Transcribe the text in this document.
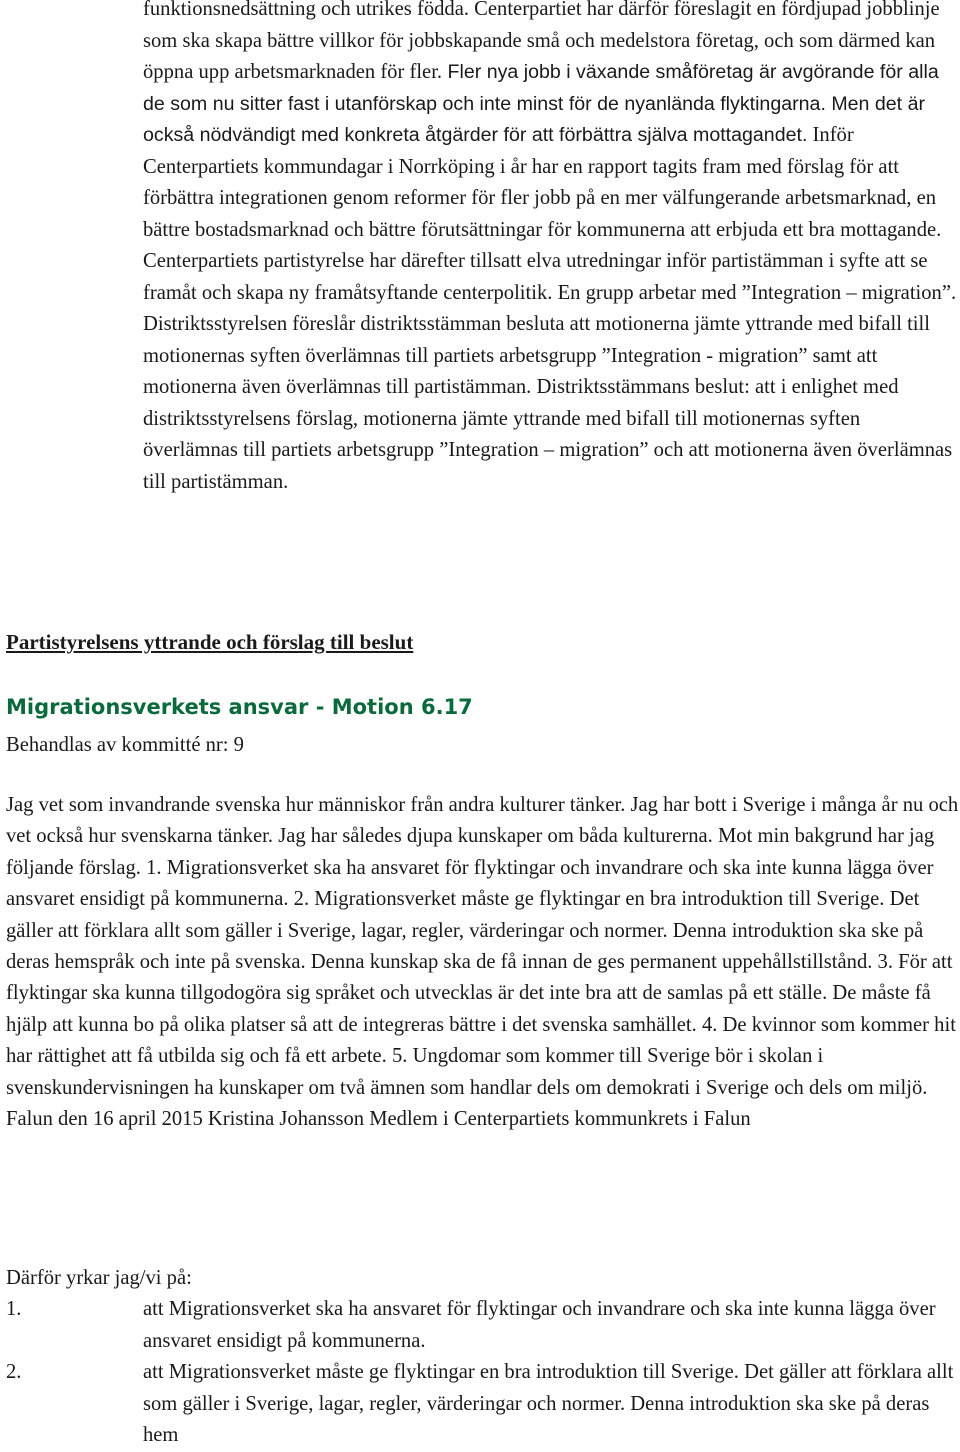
funktionsnedsättning och utrikes födda. Centerpartiet har därför föreslagit en fördjupad jobblinje som ska skapa bättre villkor för jobbskapande små och medelstora företag, och som därmed kan öppna upp arbetsmarknaden för fler. Fler nya jobb i växande småföretag är avgörande för alla de som nu sitter fast i utanförskap och inte minst för de nyanlända flyktingarna. Men det är också nödvändigt med konkreta åtgärder för att förbättra själva mottagandet. Inför Centerpartiets kommundagar i Norrköping i år har en rapport tagits fram med förslag för att förbättra integrationen genom reformer för fler jobb på en mer välfungerande arbetsmarknad, en bättre bostadsmarknad och bättre förutsättningar för kommunerna att erbjuda ett bra mottagande. Centerpartiets partistyrelse har därefter tillsatt elva utredningar inför partistämman i syfte att se framåt och skapa ny framåtsyftande centerpolitik. En grupp arbetar med ”Integration – migration”. Distriktsstyrelsen föreslår distriktsstämman besluta att motionerna jämte yttrande med bifall till motionernas syften överlämnas till partiets arbetsgrupp ”Integration - migration” samt att motionerna även överlämnas till partistämman. Distriktsstämmans beslut: att i enlighet med distriktsstyrelsens förslag, motionerna jämte yttrande med bifall till motionernas syften överlämnas till partiets arbetsgrupp ”Integration – migration” och att motionerna även överlämnas till partistämman.
Partistyrelsens yttrande och förslag till beslut
Migrationsverkets ansvar - Motion 6.17
Behandlas av kommitté nr: 9
Jag vet som invandrande svenska hur människor från andra kulturer tänker. Jag har bott i Sverige i många år nu och vet också hur svenskarna tänker. Jag har således djupa kunskaper om båda kulturerna. Mot min bakgrund har jag följande förslag. 1. Migrationsverket ska ha ansvaret för flyktingar och invandrare och ska inte kunna lägga över ansvaret ensidigt på kommunerna. 2. Migrationsverket måste ge flyktingar en bra introduktion till Sverige. Det gäller att förklara allt som gäller i Sverige, lagar, regler, värderingar och normer. Denna introduktion ska ske på deras hemspråk och inte på svenska. Denna kunskap ska de få innan de ges permanent uppehållstillstånd. 3. För att flyktingar ska kunna tillgodogöra sig språket och utvecklas är det inte bra att de samlas på ett ställe. De måste få hjälp att kunna bo på olika platser så att de integreras bättre i det svenska samhället. 4. De kvinnor som kommer hit har rättighet att få utbilda sig och få ett arbete. 5. Ungdomar som kommer till Sverige bör i skolan i svenskundervisningen ha kunskaper om två ämnen som handlar dels om demokrati i Sverige och dels om miljö. Falun den 16 april 2015 Kristina Johansson Medlem i Centerpartiets kommunkrets i Falun
Därför yrkar jag/vi på:
1.	att Migrationsverket ska ha ansvaret för flyktingar och invandrare och ska inte kunna lägga över ansvaret ensidigt på kommunerna.
2.	att Migrationsverket måste ge flyktingar en bra introduktion till Sverige. Det gäller att förklara allt som gäller i Sverige, lagar, regler, värderingar och normer. Denna introduktion ska ske på deras hem
